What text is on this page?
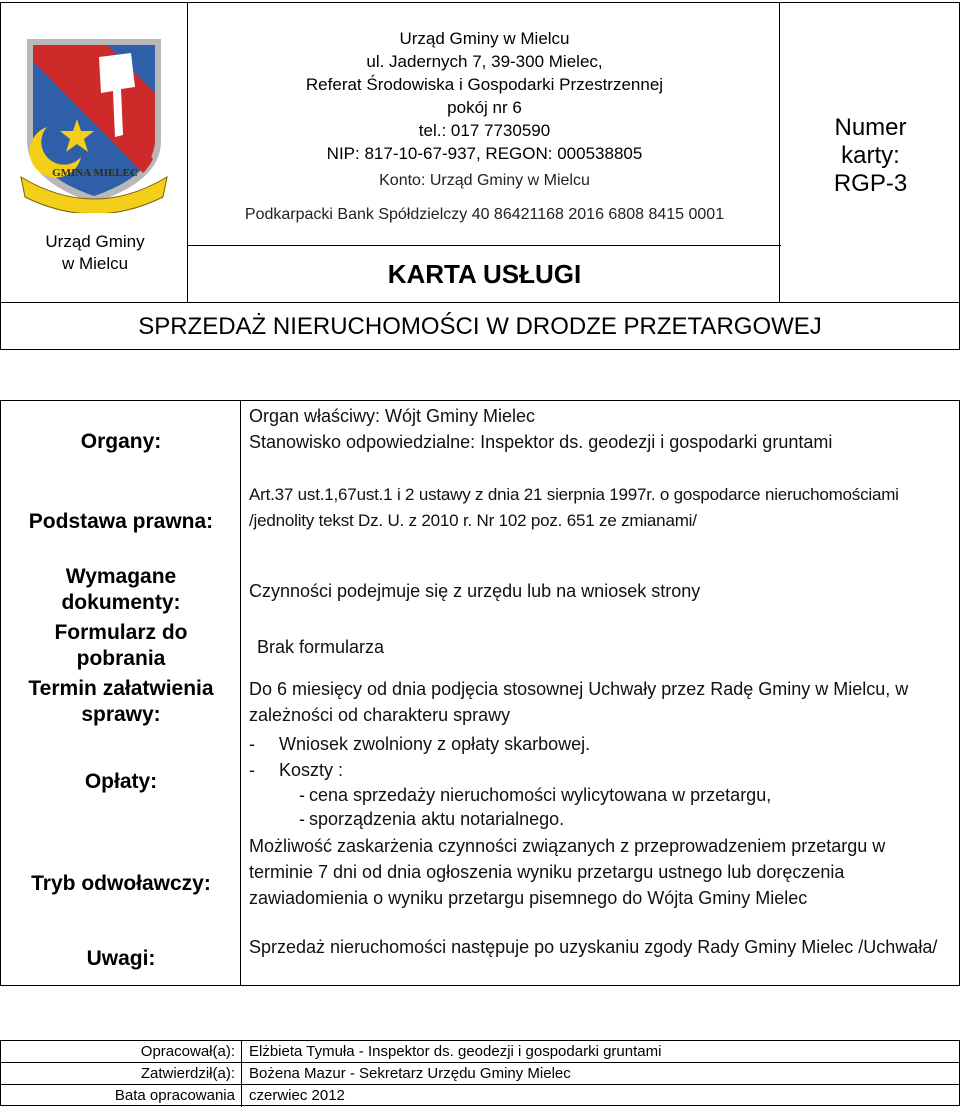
GMINA MIELEC
Urząd Gminy
w Mielcu
Urząd Gminy w Mielcu
ul. Jadernych 7, 39-300 Mielec,
Referat Środowiska i Gospodarki Przestrzennej
pokój nr 6
tel.: 017 7730590
NIP: 817-10-67-937, REGON: 000538805
Konto: Urząd Gminy w Mielcu
Podkarpacki Bank Spółdzielczy 40 86421168 2016 6808 8415 0001
KARTA USŁUGI
Numer
karty:
RGP-3
SPRZEDAŻ NIERUCHOMOŚCI W DRODZE PRZETARGOWEJ
Organy:
Podstawa prawna:
Wymagane
dokumenty:
Formularz do
pobrania
Termin załatwienia
sprawy:
Opłaty:
Tryb odwoławczy:
Uwagi:
Organ właściwy: Wójt Gminy Mielec
Stanowisko odpowiedzialne: Inspektor ds. geodezji i gospodarki gruntami
Art.37 ust.1,67ust.1 i 2 ustawy z dnia 21 sierpnia 1997r. o gospodarce nieruchomościami /jednolity tekst Dz. U. z 2010 r. Nr 102 poz. 651 ze zmianami/
Czynności podejmuje się z urzędu lub na wniosek strony
Brak formularza
Do 6 miesięcy od dnia podjęcia stosownej Uchwały przez Radę Gminy w Mielcu, w zależności od charakteru sprawy
- Wniosek zwolniony z opłaty skarbowej.
- Koszty :
- cena sprzedaży nieruchomości wylicytowana w przetargu,
- sporządzenia aktu notarialnego.
Możliwość zaskarżenia czynności związanych z przeprowadzeniem przetargu w terminie 7 dni od dnia ogłoszenia wyniku przetargu ustnego lub doręczenia zawiadomienia o wyniku przetargu pisemnego do Wójta Gminy Mielec
Sprzedaż nieruchomości następuje po uzyskaniu zgody Rady Gminy Mielec /Uchwała/
Opracował(a): Elżbieta Tymuła - Inspektor ds. geodezji i gospodarki gruntami
Zatwierdził(a): Bożena Mazur - Sekretarz Urzędu Gminy Mielec
Bata opracowania czerwiec 2012
